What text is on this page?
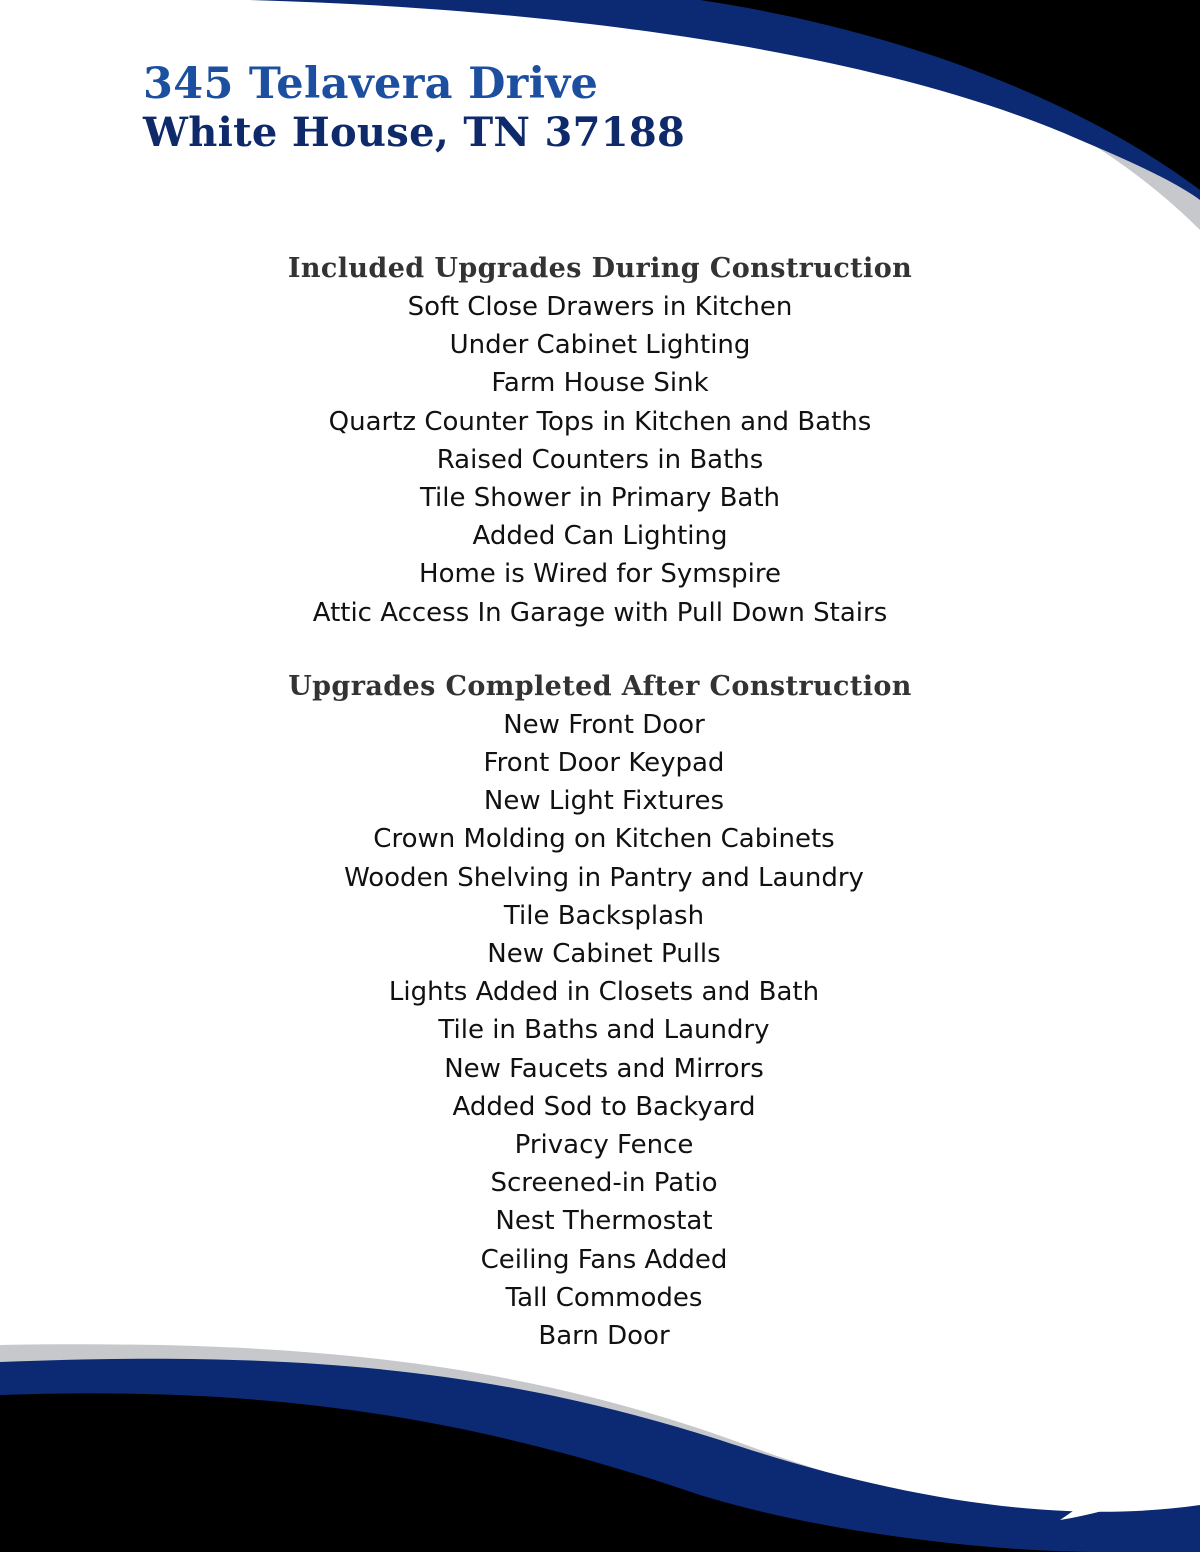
345 Telavera Drive
White House, TN 37188
Included Upgrades During Construction
Soft Close Drawers in Kitchen
Under Cabinet Lighting
Farm House Sink
Quartz Counter Tops in Kitchen and Baths
Raised Counters in Baths
Tile Shower in Primary Bath
Added Can Lighting
Home is Wired for Symspire
Attic Access In Garage with Pull Down Stairs
Upgrades Completed After Construction
New Front Door
Front Door Keypad
New Light Fixtures
Crown Molding on Kitchen Cabinets
Wooden Shelving in Pantry and Laundry
Tile Backsplash
New Cabinet Pulls
Lights Added in Closets and Bath
Tile in Baths and Laundry
New Faucets and Mirrors
Added Sod to Backyard
Privacy Fence
Screened-in Patio
Nest Thermostat
Ceiling Fans Added
Tall Commodes
Barn Door
